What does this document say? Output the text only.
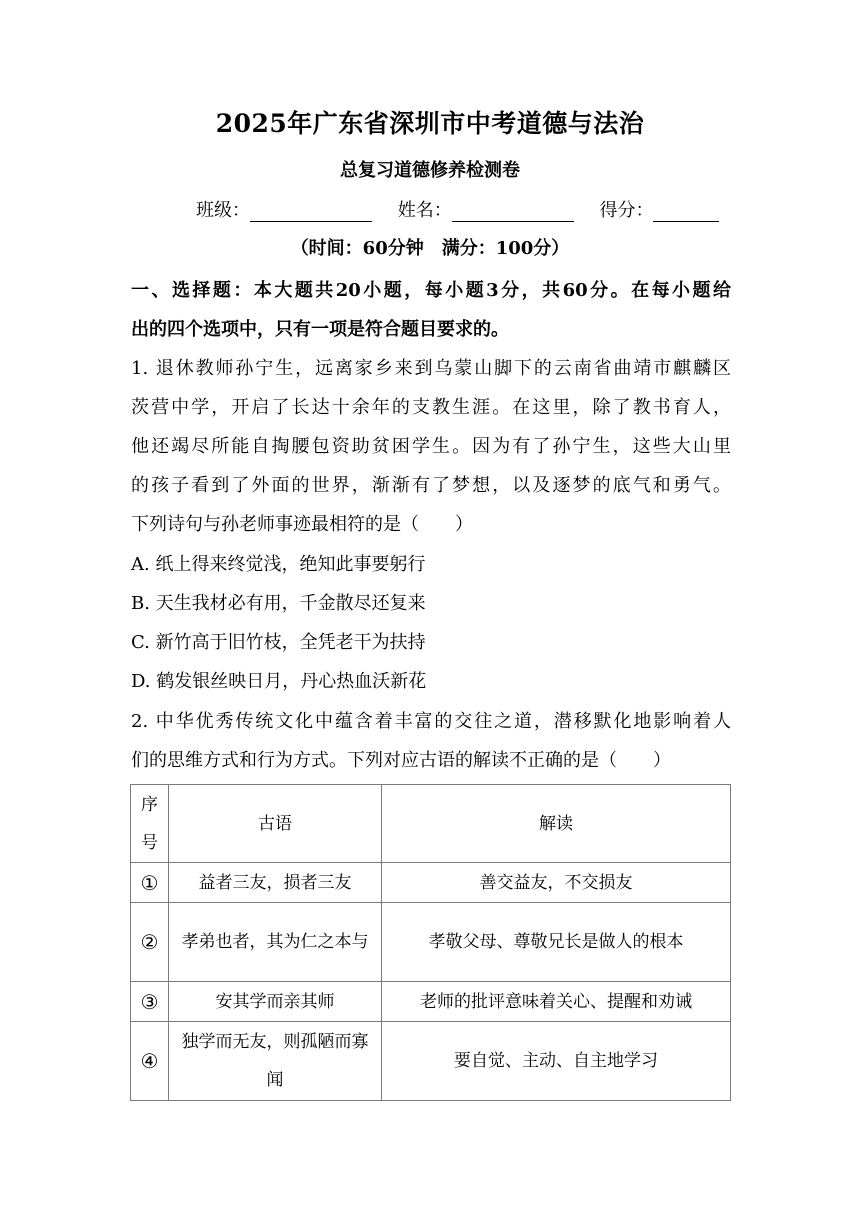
2025年广东省深圳市中考道德与法治
总复习道德修养检测卷
班级：	姓名：	得分：
（时间：60分钟　满分：100分）
一、选择题：本大题共20小题，每小题3分，共60分。在每小题给
出的四个选项中，只有一项是符合题目要求的。
1. 退休教师孙宁生，远离家乡来到乌蒙山脚下的云南省曲靖市麒麟区
茨营中学，开启了长达十余年的支教生涯。在这里，除了教书育人，
他还竭尽所能自掏腰包资助贫困学生。因为有了孙宁生，这些大山里
的孩子看到了外面的世界，渐渐有了梦想，以及逐梦的底气和勇气。
下列诗句与孙老师事迹最相符的是（　　）
A. 纸上得来终觉浅，绝知此事要躬行
B. 天生我材必有用，千金散尽还复来
C. 新竹高于旧竹枝，全凭老干为扶持
D. 鹤发银丝映日月，丹心热血沃新花
2. 中华优秀传统文化中蕴含着丰富的交往之道，潜移默化地影响着人
们的思维方式和行为方式。下列对应古语的解读不正确的是（　　）
序号	古语	解读
①	益者三友，损者三友	善交益友，不交损友
②	孝弟也者，其为仁之本与	孝敬父母、尊敬兄长是做人的根本
③	安其学而亲其师	老师的批评意味着关心、提醒和劝诫
④	独学而无友，则孤陋而寡闻	要自觉、主动、自主地学习
